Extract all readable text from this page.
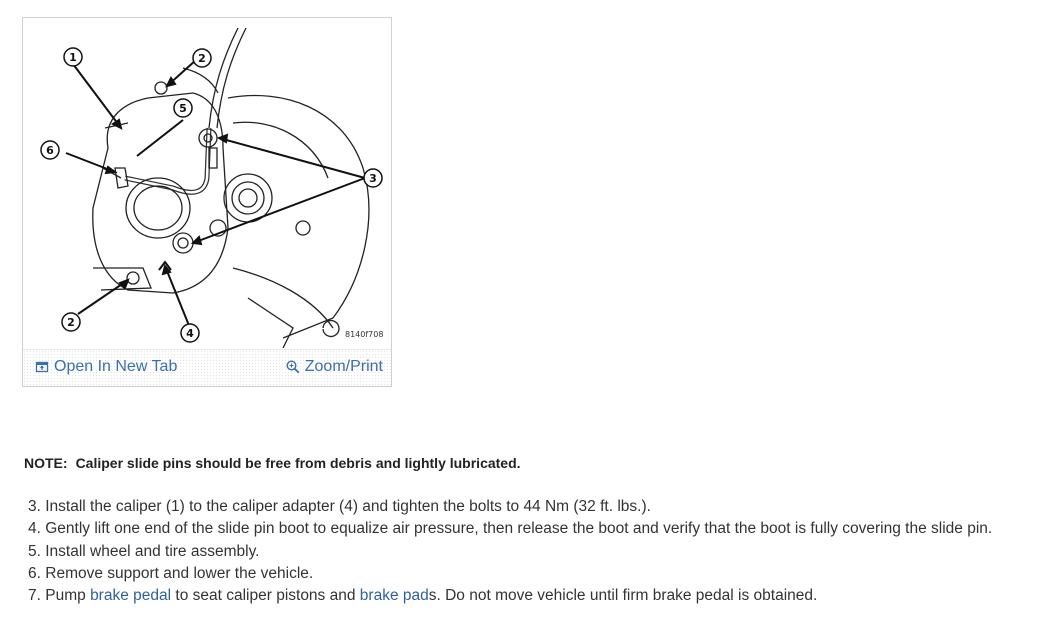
1	2
5
6
3
2
4	8140f708
Open In New Tab	Zoom/Print
NOTE: Caliper slide pins should be free from debris and lightly lubricated.
3. Install the caliper (1) to the caliper adapter (4) and tighten the bolts to 44 Nm (32 ft. lbs.).
4. Gently lift one end of the slide pin boot to equalize air pressure, then release the boot and verify that the boot is fully covering the slide pin.
5. Install wheel and tire assembly.
6. Remove support and lower the vehicle.
7. Pump brake pedal to seat caliper pistons and brake pads. Do not move vehicle until firm brake pedal is obtained.
